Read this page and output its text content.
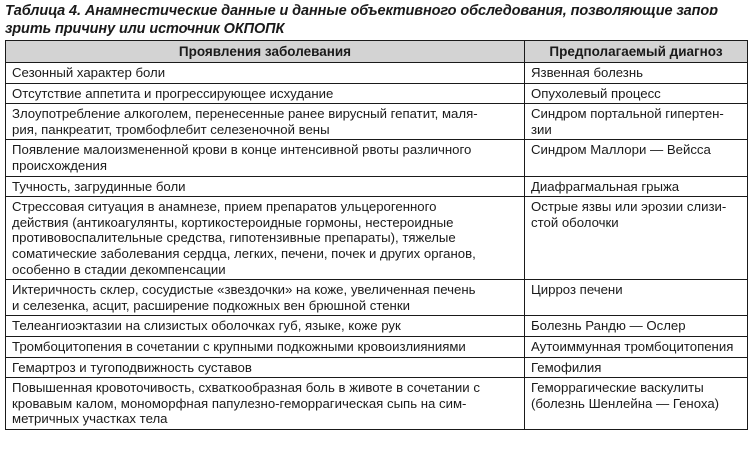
Таблица 4. Анамнестические данные и данные объективного обследования, позволяющие запоɒ
зрить причину или источник ОКПОПК
Проявления заболевания	Предполагаемый диагноз
Сезонный характер боли	Язвенная болезнь
Отсутствие аппетита и прогрессирующее исхудание	Опухолевый процесс
Злоупотребление алкоголем, перенесенные ранее вирусный гепатит, маля-
рия, панкреатит, тромбофлебит селезеночной вены	Синдром портальной гипертен-
зии
Появление малоизмененной крови в конце интенсивной рвоты различного
происхождения	Синдром Маллори — Вейсса
Тучность, загрудинные боли	Диафрагмальная грыжа
Стрессовая ситуация в анамнезе, прием препаратов ульцерогенного
действия (антикоагулянты, кортикостероидные гормоны, нестероидные
противовоспалительные средства, гипотензивные препараты), тяжелые
соматические заболевания сердца, легких, печени, почек и других органов,
особенно в стадии декомпенсации	Острые язвы или эрозии слизи-
стой оболочки
Иктеричность склер, сосудистые «звездочки» на коже, увеличенная печень
и селезенка, асцит, расширение подкожных вен брюшной стенки	Цирроз печени
Телеангиоэктазии на слизистых оболочках губ, языке, коже рук	Болезнь Рандю — Ослер
Тромбоцитопения в сочетании с крупными подкожными кровоизлияниями	Аутоиммунная тромбоцитопения
Гемартроз и тугоподвижность суставов	Гемофилия
Повышенная кровоточивость, схваткообразная боль в животе в сочетании с
кровавым калом, мономорфная папулезно-геморрагическая сыпь на сим-
метричных участках тела	Геморрагические васкулиты
(болезнь Шенлейна — Геноха)
